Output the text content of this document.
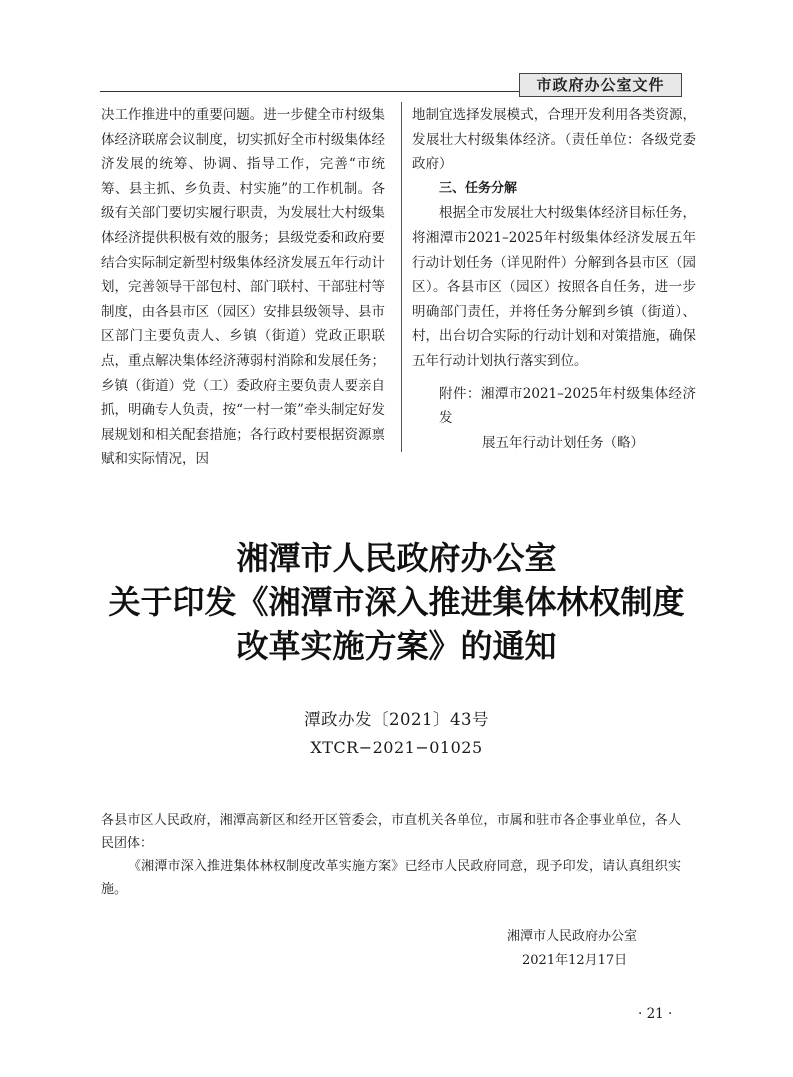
市政府办公室文件

决工作推进中的重要问题。进一步健全市村级集体经济联席会议制度，切实抓好全市村级集体经济发展的统筹、协调、指导工作，完善“市统筹、县主抓、乡负责、村实施”的工作机制。各级有关部门要切实履行职责，为发展壮大村级集体经济提供积极有效的服务；县级党委和政府要结合实际制定新型村级集体经济发展五年行动计划，完善领导干部包村、部门联村、干部驻村等制度，由各县市区（园区）安排县级领导、县市区部门主要负责人、乡镇（街道）党政正职联点，重点解决集体经济薄弱村消除和发展任务；乡镇（街道）党（工）委政府主要负责人要亲自抓，明确专人负责，按“一村一策”牵头制定好发展规划和相关配套措施；各行政村要根据资源禀赋和实际情况，因

地制宜选择发展模式，合理开发利用各类资源，发展壮大村级集体经济。（责任单位：各级党委政府）

三、任务分解

根据全市发展壮大村级集体经济目标任务，将湘潭市2021–2025年村级集体经济发展五年行动计划任务（详见附件）分解到各县市区（园区）。各县市区（园区）按照各自任务，进一步明确部门责任，并将任务分解到乡镇（街道）、村，出台切合实际的行动计划和对策措施，确保五年行动计划执行落实到位。

附件：湘潭市2021–2025年村级集体经济发

展五年行动计划任务（略）

湘潭市人民政府办公室
关于印发《湘潭市深入推进集体林权制度
改革实施方案》的通知
潭政办发〔2021〕43号
XTCR−2021−01025

各县市区人民政府，湘潭高新区和经开区管委会，市直机关各单位，市属和驻市各企事业单位，各人民团体：

《湘潭市深入推进集体林权制度改革实施方案》已经市人民政府同意，现予印发，请认真组织实施。

湘潭市人民政府办公室
2021年12月17日
· 21 ·
